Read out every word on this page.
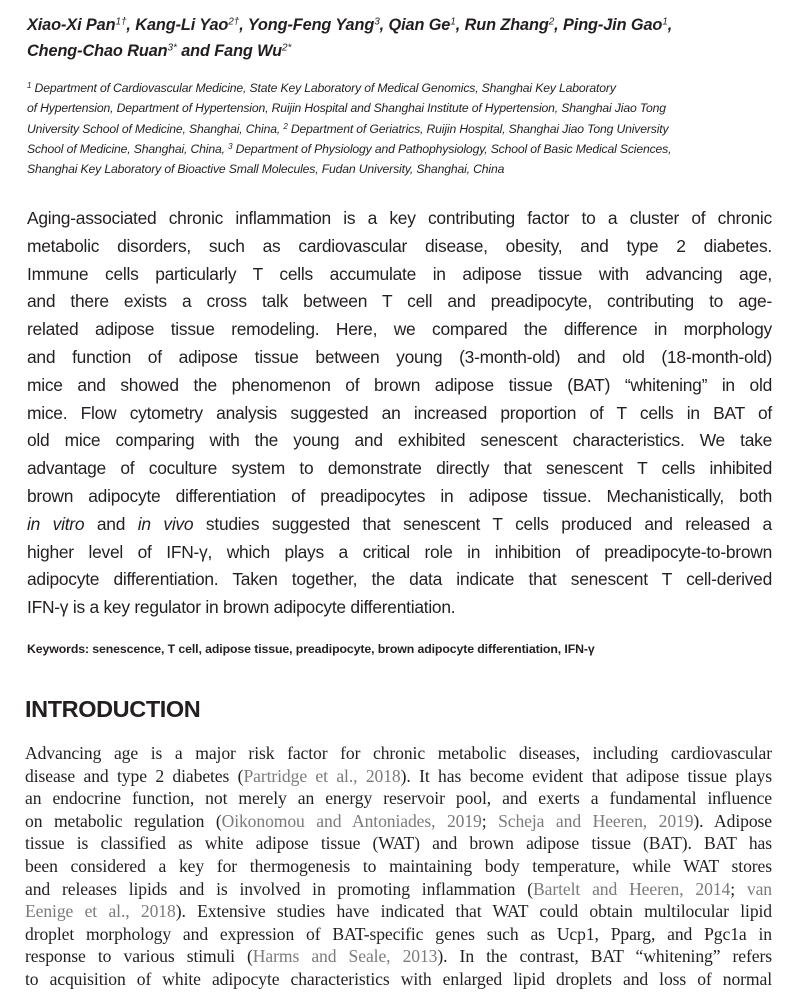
Xiao-Xi Pan$^{1\dagger}$, Kang-Li Yao$^{2\dagger}$, Yong-Feng Yang$^3$, Qian Ge$^1$, Run Zhang$^2$, Ping-Jin Gao$^1$,
Cheng-Chao Ruan$^{3*}$ and Fang $Wu^{2*}$
$^1$ Department of Cardiovascular Medicine, State Key Laboratory of Medical Genomics, Shanghai Key Laboratory
of Hypertension, Department of Hypertension, Ruijin Hospital and Shanghai Institute of Hypertension, Shanghai Jiao Tong
University School of Medicine, Shanghai, China, $^2$ Department of Geriatrics, Ruijin Hospital, Shanghai Jiao Tong University
School of Medicine, Shanghai, China, $^3$ Department of Physiology and Pathophysiology, School of Basic Medical Sciences,
Shanghai Key Laboratory of Bioactive Small Molecules, Fudan University, Shanghai, China
Aging-associated chronic inflammation is a key contributing factor to a cluster of chronic
metabolic disorders, such as cardiovascular disease, obesity, and type 2 diabetes.
Immune cells particularly T cells accumulate in adipose tissue with advancing age,
and there exists a cross talk between T cell and preadipocyte, contributing to age-
related adipose tissue remodeling. Here, we compared the difference in morphology
and function of adipose tissue between young (3-month-old) and old (18-month-old)
mice and showed the phenomenon of brown adipose tissue (BAT) “whitening” in old
mice. Flow cytometry analysis suggested an increased proportion of T cells in BAT of
old mice comparing with the young and exhibited senescent characteristics. We take
advantage of coculture system to demonstrate directly that senescent T cells inhibited
brown adipocyte differentiation of preadipocytes in adipose tissue. Mechanistically, both
in vitro and in vivo studies suggested that senescent T cells produced and released a
higher level of IFN-γ, which plays a critical role in inhibition of preadipocyte-to-brown
adipocyte differentiation. Taken together, the data indicate that senescent T cell-derived
IFN-γ is a key regulator in brown adipocyte differentiation.
Keywords: senescence, T cell, adipose tissue, preadipocyte, brown adipocyte differentiation, IFN-γ
INTRODUCTION
Advancing age is a major risk factor for chronic metabolic diseases, including cardiovascular
disease and type 2 diabetes (Partridge et al., 2018). It has become evident that adipose tissue plays
an endocrine function, not merely an energy reservoir pool, and exerts a fundamental influence
on metabolic regulation (Oikonomou and Antoniades, 2019; Scheja and Heeren, 2019). Adipose
tissue is classified as white adipose tissue (WAT) and brown adipose tissue (BAT). BAT has
been considered a key for thermogenesis to maintaining body temperature, while WAT stores
and releases lipids and is involved in promoting inflammation (Bartelt and Heeren, 2014; van
Eenige et al., 2018). Extensive studies have indicated that WAT could obtain multilocular lipid
droplet morphology and expression of BAT-specific genes such as Ucp1, Pparg, and Pgc1a in
response to various stimuli (Harms and Seale, 2013). In the contrast, BAT “whitening” refers
to acquisition of white adipocyte characteristics with enlarged lipid droplets and loss of normal
